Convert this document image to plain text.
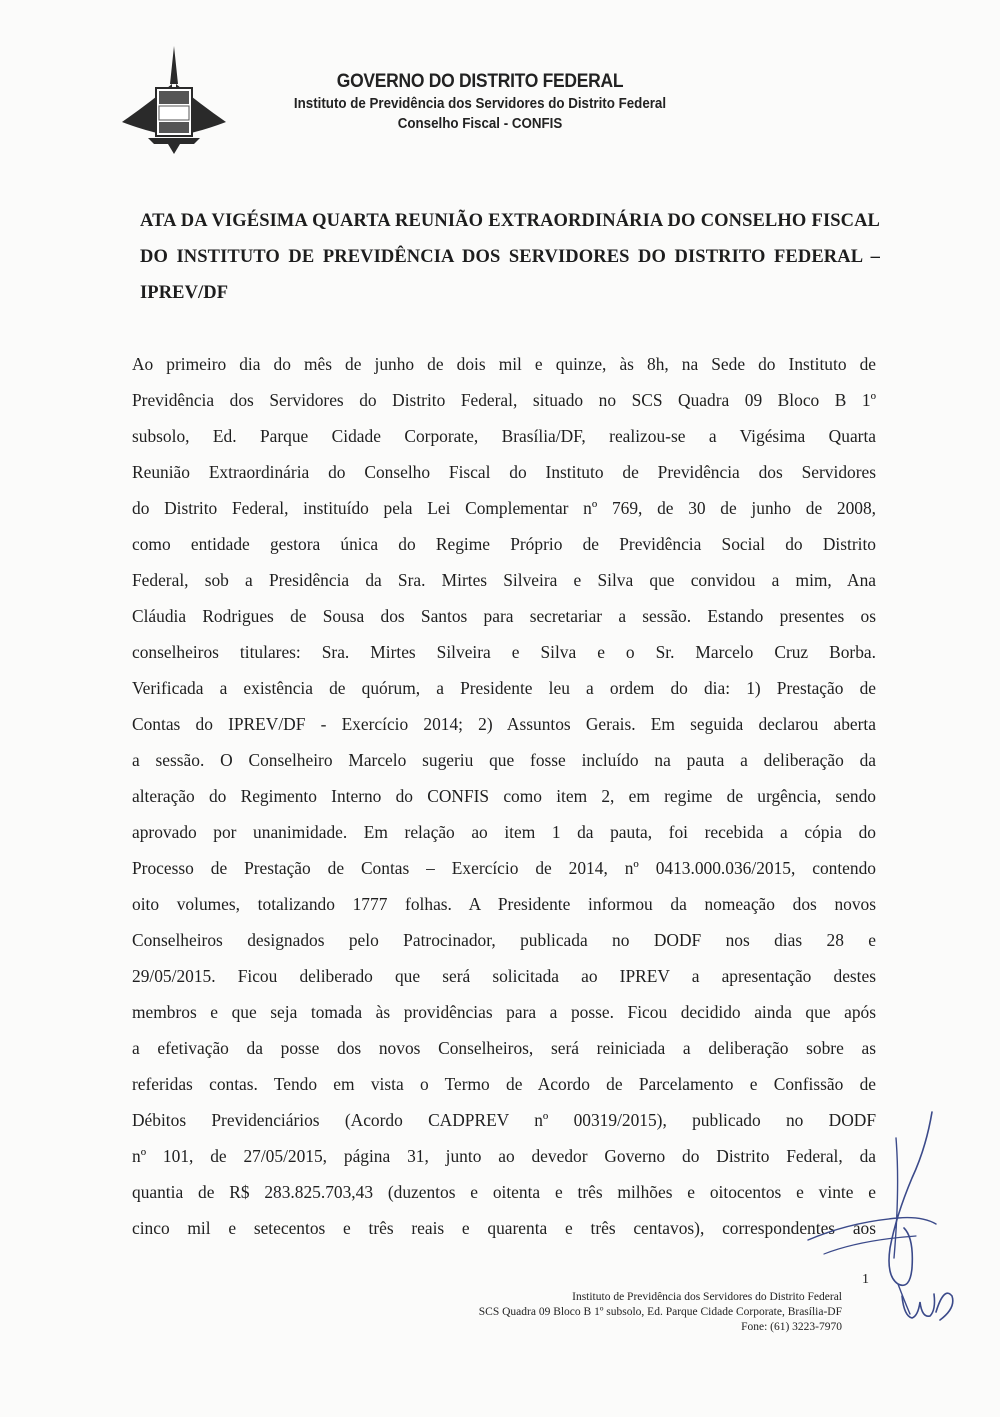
GOVERNO DO DISTRITO FEDERAL
Instituto de Previdência dos Servidores do Distrito Federal
Conselho Fiscal - CONFIS
ATA DA VIGÉSIMA QUARTA REUNIÃO EXTRAORDINÁRIA DO CONSELHO FISCAL DO INSTITUTO DE PREVIDÊNCIA DOS SERVIDORES DO DISTRITO FEDERAL – IPREV/DF
Ao primeiro dia do mês de junho de dois mil e quinze, às 8h, na Sede do Instituto de
Previdência dos Servidores do Distrito Federal, situado no SCS Quadra 09 Bloco B 1º
subsolo, Ed. Parque Cidade Corporate, Brasília/DF, realizou-se a Vigésima Quarta
Reunião Extraordinária do Conselho Fiscal do Instituto de Previdência dos Servidores
do Distrito Federal, instituído pela Lei Complementar nº 769, de 30 de junho de 2008,
como entidade gestora única do Regime Próprio de Previdência Social do Distrito
Federal, sob a Presidência da Sra. Mirtes Silveira e Silva que convidou a mim, Ana
Cláudia Rodrigues de Sousa dos Santos para secretariar a sessão. Estando presentes os
conselheiros titulares: Sra. Mirtes Silveira e Silva e o Sr. Marcelo Cruz Borba.
Verificada a existência de quórum, a Presidente leu a ordem do dia: 1) Prestação de
Contas do IPREV/DF - Exercício 2014; 2) Assuntos Gerais. Em seguida declarou aberta
a sessão. O Conselheiro Marcelo sugeriu que fosse incluído na pauta a deliberação da
alteração do Regimento Interno do CONFIS como item 2, em regime de urgência, sendo
aprovado por unanimidade. Em relação ao item 1 da pauta, foi recebida a cópia do
Processo de Prestação de Contas – Exercício de 2014, nº 0413.000.036/2015, contendo
oito volumes, totalizando 1777 folhas. A Presidente informou da nomeação dos novos
Conselheiros designados pelo Patrocinador, publicada no DODF nos dias 28 e
29/05/2015. Ficou deliberado que será solicitada ao IPREV a apresentação destes
membros e que seja tomada às providências para a posse. Ficou decidido ainda que após
a efetivação da posse dos novos Conselheiros, será reiniciada a deliberação sobre as
referidas contas. Tendo em vista o Termo de Acordo de Parcelamento e Confissão de
Débitos Previdenciários (Acordo CADPREV nº 00319/2015), publicado no DODF
nº 101, de 27/05/2015, página 31, junto ao devedor Governo do Distrito Federal, da
quantia de R$ 283.825.703,43 (duzentos e oitenta e três milhões e oitocentos e vinte e
cinco mil e setecentos e três reais e quarenta e três centavos), correspondentes aos
1
Instituto de Previdência dos Servidores do Distrito Federal
SCS Quadra 09 Bloco B 1º subsolo, Ed. Parque Cidade Corporate, Brasília-DF
Fone: (61) 3223-7970
